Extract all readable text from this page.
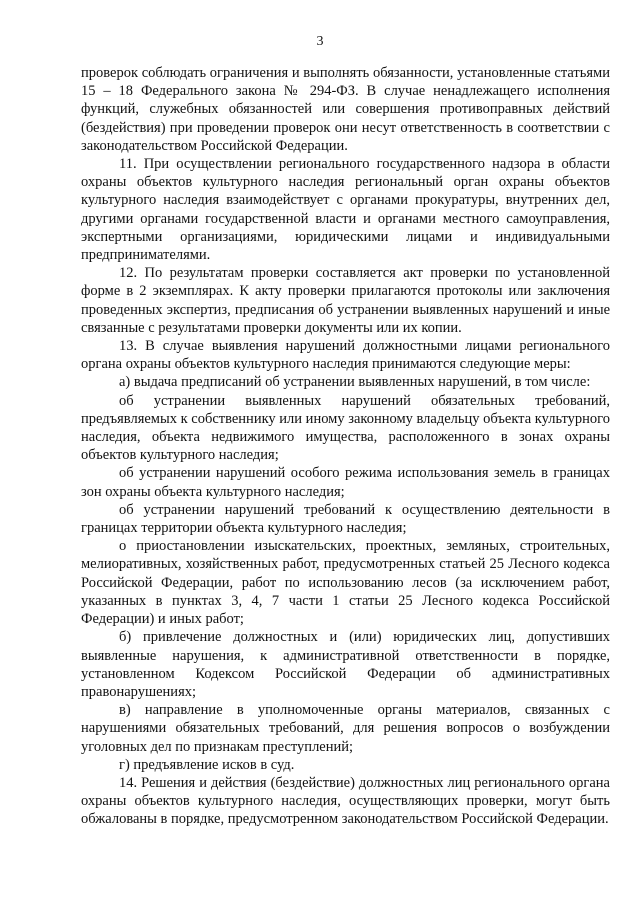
3

проверок соблюдать ограничения и выполнять обязанности, установленные статьями 15 – 18 Федерального закона № 294-ФЗ. В случае ненадлежащего исполнения функций, служебных обязанностей или совершения противоправных действий (бездействия) при проведении проверок они несут ответственность в соответствии с законодательством Российской Федерации.

11. При осуществлении регионального государственного надзора в области охраны объектов культурного наследия региональный орган охраны объектов культурного наследия взаимодействует с органами прокуратуры, внутренних дел, другими органами государственной власти и органами местного самоуправления, экспертными организациями, юридическими лицами и индивидуальными предпринимателями.

12. По результатам проверки составляется акт проверки по установленной форме в 2 экземплярах. К акту проверки прилагаются протоколы или заключения проведенных экспертиз, предписания об устранении выявленных нарушений и иные связанные с результатами проверки документы или их копии.

13. В случае выявления нарушений должностными лицами регионального органа охраны объектов культурного наследия принимаются следующие меры:

а) выдача предписаний об устранении выявленных нарушений, в том числе:

об устранении выявленных нарушений обязательных требований, предъявляемых к собственнику или иному законному владельцу объекта культурного наследия, объекта недвижимого имущества, расположенного в зонах охраны объектов культурного наследия;

об устранении нарушений особого режима использования земель в границах зон охраны объекта культурного наследия;

об устранении нарушений требований к осуществлению деятельности в границах территории объекта культурного наследия;

о приостановлении изыскательских, проектных, земляных, строительных, мелиоративных, хозяйственных работ, предусмотренных статьей 25 Лесного кодекса Российской Федерации, работ по использованию лесов (за исключением работ, указанных в пунктах 3, 4, 7 части 1 статьи 25 Лесного кодекса Российской Федерации) и иных работ;

б) привлечение должностных и (или) юридических лиц, допустивших выявленные нарушения, к административной ответственности в порядке, установленном Кодексом Российской Федерации об административных правонарушениях;

в) направление в уполномоченные органы материалов, связанных с нарушениями обязательных требований, для решения вопросов о возбуждении уголовных дел по признакам преступлений;

г) предъявление исков в суд.

14. Решения и действия (бездействие) должностных лиц регионального органа охраны объектов культурного наследия, осуществляющих проверки, могут быть обжалованы в порядке, предусмотренном законодательством Российской Федерации.
